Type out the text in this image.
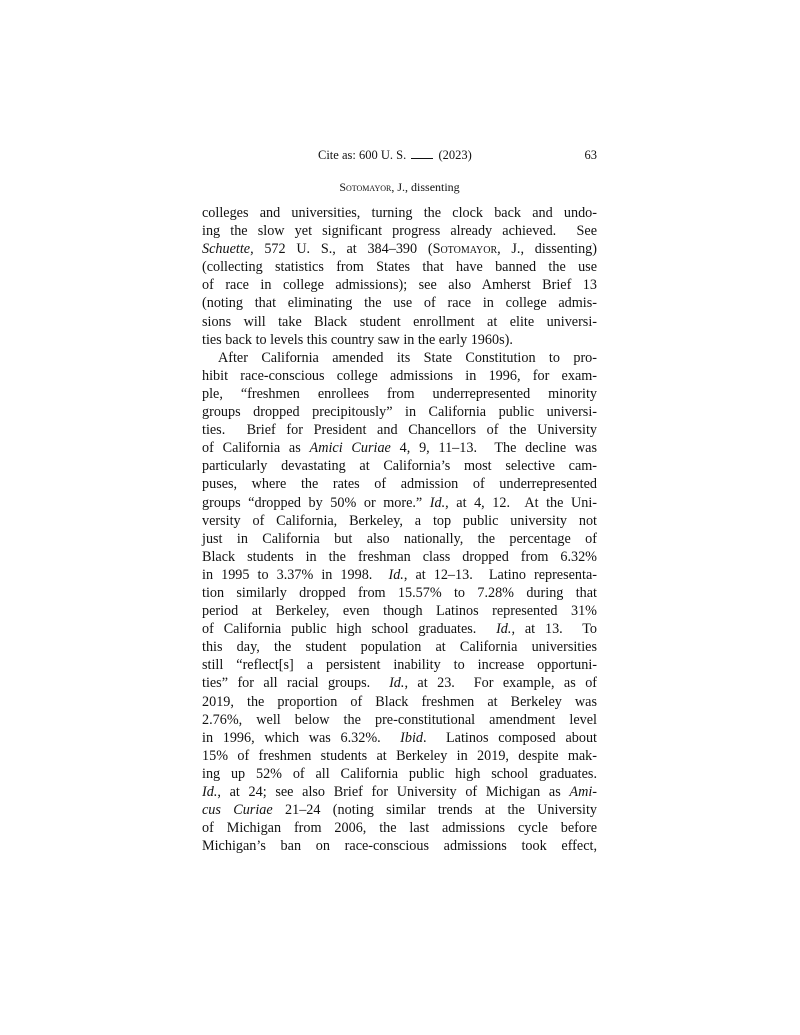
Cite as: 600 U. S.  (2023)	63
Sotomayor, J., dissenting
colleges and universities, turning the clock back and undo-
ing the slow yet significant progress already achieved.  See
Schuette, 572 U. S., at 384–390 (Sotomayor, J., dissenting)
(collecting statistics from States that have banned the use
of race in college admissions); see also Amherst Brief 13
(noting that eliminating the use of race in college admis-
sions will take Black student enrollment at elite universi-
ties back to levels this country saw in the early 1960s).
After California amended its State Constitution to pro-
hibit race-conscious college admissions in 1996, for exam-
ple, “freshmen enrollees from underrepresented minority
groups dropped precipitously” in California public universi-
ties.  Brief for President and Chancellors of the University
of California as Amici Curiae 4, 9, 11–13.  The decline was
particularly devastating at California’s most selective cam-
puses, where the rates of admission of underrepresented
groups “dropped by 50% or more.” Id., at 4, 12.  At the Uni-
versity of California, Berkeley, a top public university not
just in California but also nationally, the percentage of
Black students in the freshman class dropped from 6.32%
in 1995 to 3.37% in 1998.  Id., at 12–13.  Latino representa-
tion similarly dropped from 15.57% to 7.28% during that
period at Berkeley, even though Latinos represented 31%
of California public high school graduates.  Id., at 13.  To
this day, the student population at California universities
still “reflect[s] a persistent inability to increase opportuni-
ties” for all racial groups.  Id., at 23.  For example, as of
2019, the proportion of Black freshmen at Berkeley was
2.76%, well below the pre-constitutional amendment level
in 1996, which was 6.32%.  Ibid.  Latinos composed about
15% of freshmen students at Berkeley in 2019, despite mak-
ing up 52% of all California public high school graduates.
Id., at 24; see also Brief for University of Michigan as Ami-
cus Curiae 21–24 (noting similar trends at the University
of Michigan from 2006, the last admissions cycle before
Michigan’s ban on race-conscious admissions took effect,
